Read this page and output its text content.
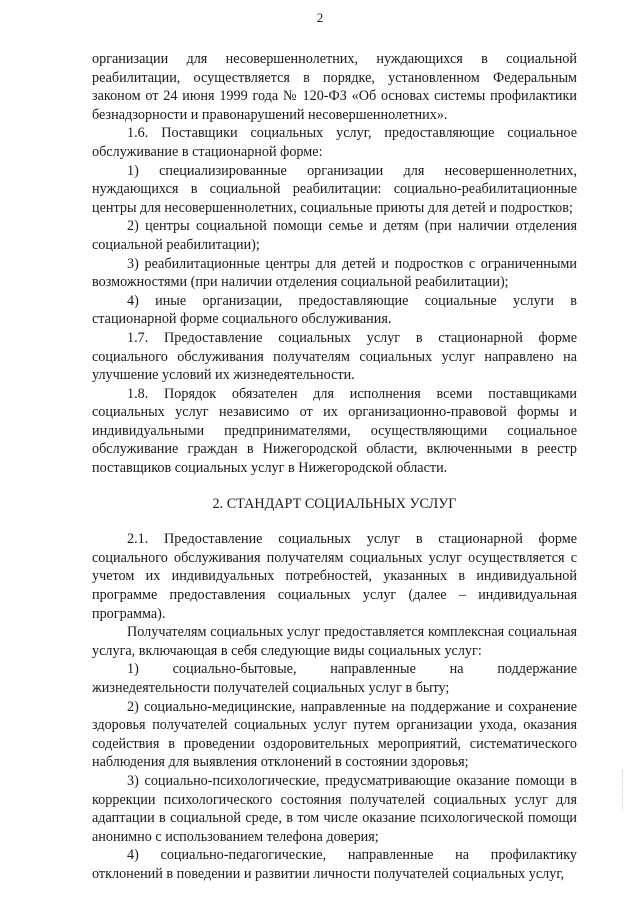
2

организации для несовершеннолетних, нуждающихся в социальной реабилитации, осуществляется в порядке, установленном Федеральным законом от 24 июня 1999 года № 120-ФЗ «Об основах системы профилактики безнадзорности и правонарушений несовершеннолетних».

1.6. Поставщики социальных услуг, предоставляющие социальное обслуживание в стационарной форме:

1) специализированные организации для несовершеннолетних, нуждающихся в социальной реабилитации: социально-реабилитационные центры для несовершеннолетних, социальные приюты для детей и подростков;

2) центры социальной помощи семье и детям (при наличии отделения социальной реабилитации);

3) реабилитационные центры для детей и подростков с ограниченными возможностями (при наличии отделения социальной реабилитации);

4) иные организации, предоставляющие социальные услуги в стационарной форме социального обслуживания.

1.7. Предоставление социальных услуг в стационарной форме социального обслуживания получателям социальных услуг направлено на улучшение условий их жизнедеятельности.

1.8. Порядок обязателен для исполнения всеми поставщиками социальных услуг независимо от их организационно-правовой формы и индивидуальными предпринимателями, осуществляющими социальное обслуживание граждан в Нижегородской области, включенными в реестр поставщиков социальных услуг в Нижегородской области.

2. СТАНДАРТ СОЦИАЛЬНЫХ УСЛУГ

2.1. Предоставление социальных услуг в стационарной форме социального обслуживания получателям социальных услуг осуществляется с учетом их индивидуальных потребностей, указанных в индивидуальной программе предоставления социальных услуг (далее – индивидуальная программа).

Получателям социальных услуг предоставляется комплексная социальная услуга, включающая в себя следующие виды социальных услуг:

1) социально-бытовые, направленные на поддержание жизнедеятельности получателей социальных услуг в быту;

2) социально-медицинские, направленные на поддержание и сохранение здоровья получателей социальных услуг путем организации ухода, оказания содействия в проведении оздоровительных мероприятий, систематического наблюдения для выявления отклонений в состоянии здоровья;

3) социально-психологические, предусматривающие оказание помощи в коррекции психологического состояния получателей социальных услуг для адаптации в социальной среде, в том числе оказание психологической помощи анонимно с использованием телефона доверия;

4) социально-педагогические, направленные на профилактику отклонений в поведении и развитии личности получателей социальных услуг,
